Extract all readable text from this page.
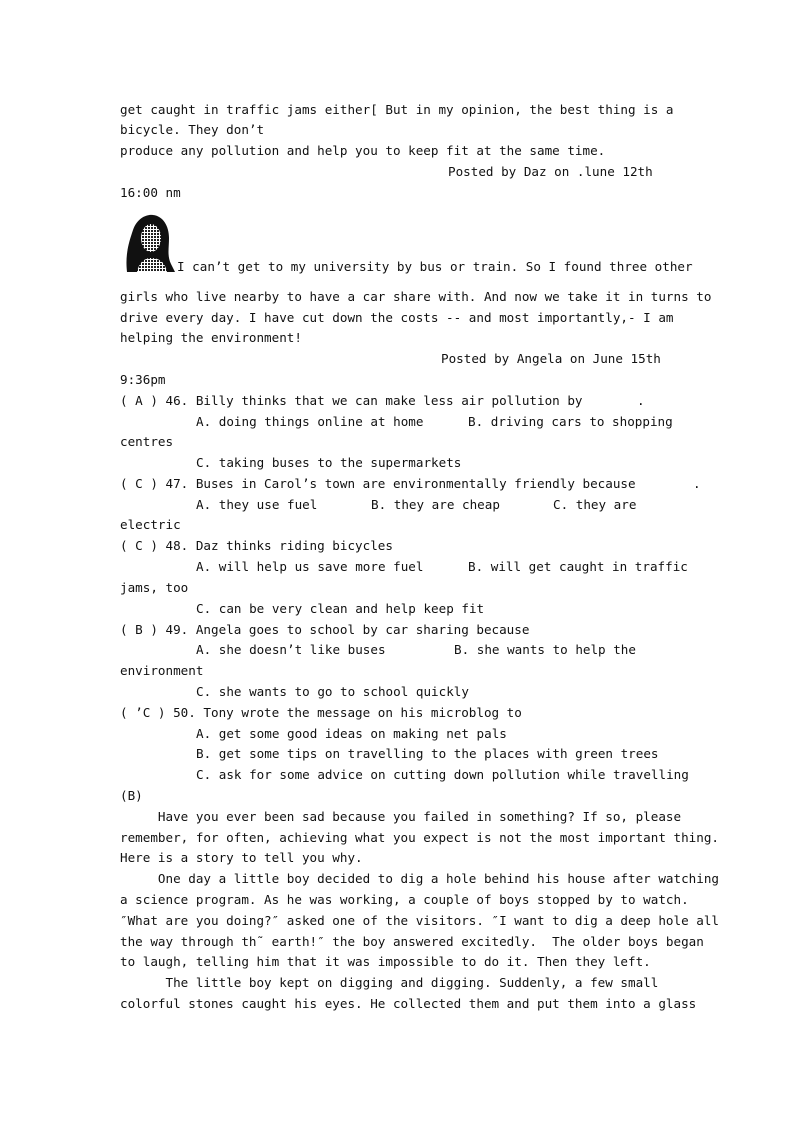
get caught in traffic jams either[ But in my opinion, the best thing is a
bicycle. They don’t
produce any pollution and help you to keep fit at the same time.
Posted by Daz on .lune 12th
16:00 nm
I can’t get to my university by bus or train. So I found three other
girls who live nearby to have a car share with. And now we take it in turns to
drive every day. I have cut down the costs -- and most importantly,- I am
helping the environment!
Posted by Angela on June 15th
9:36pm
( A ) 46. Billy thinks that we can make less air pollution by	.
A. doing things online at home	B. driving cars to shopping
centres
C. taking buses to the supermarkets
( C ) 47. Buses in Carol’s town are environmentally friendly because	.
A. they use fuel	B. they are cheap	C. they are
electric
( C ) 48. Daz thinks riding bicycles
A. will help us save more fuel	B. will get caught in traffic
jams, too
C. can be very clean and help keep fit
( B ) 49. Angela goes to school by car sharing because
A. she doesn’t like buses	B. she wants to help the
environment
C. she wants to go to school quickly
( ’C ) 50. Tony wrote the message on his microblog to
A. get some good ideas on making net pals
B. get some tips on travelling to the places with green trees
C. ask for some advice on cutting down pollution while travelling
(B)
Have you ever been sad because you failed in something? If so, please
remember, for often, achieving what you expect is not the most important thing.
Here is a story to tell you why.
One day a little boy decided to dig a hole behind his house after watching
a science program. As he was working, a couple of boys stopped by to watch.
″What are you doing?″ asked one of the visitors. ″I want to dig a deep hole all
the way through th˜ earth!″ the boy answered excitedly.  The older boys began
to laugh, telling him that it was impossible to do it. Then they left.
The little boy kept on digging and digging. Suddenly, a few small
colorful stones caught his eyes. He collected them and put them into a glass
